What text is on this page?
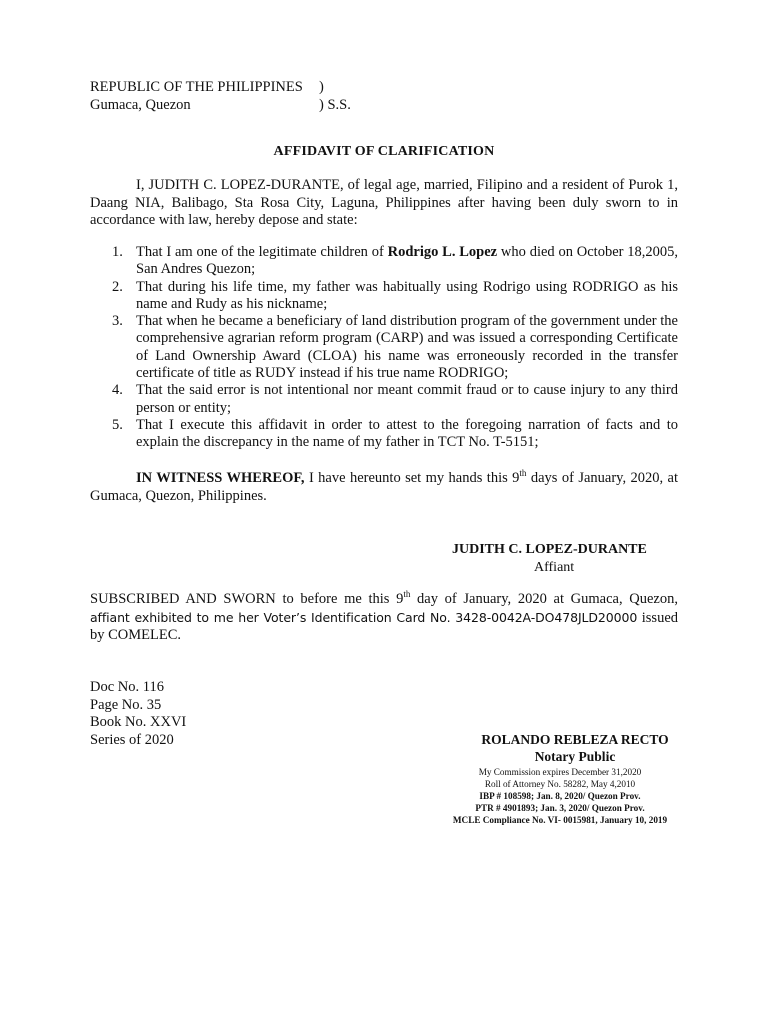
REPUBLIC OF THE PHILIPPINES )
Gumaca, Quezon	) S.S.
AFFIDAVIT OF CLARIFICATION
I, JUDITH C. LOPEZ-DURANTE, of legal age, married, Filipino and a resident of Purok 1, Daang NIA, Balibago, Sta Rosa City, Laguna, Philippines after having been duly sworn to in accordance with law, hereby depose and state:
1. That I am one of the legitimate children of Rodrigo L. Lopez who died on October 18,2005, San Andres Quezon;
2. That during his life time, my father was habitually using Rodrigo using RODRIGO as his name and Rudy as his nickname;
3. That when he became a beneficiary of land distribution program of the government under the comprehensive agrarian reform program (CARP) and was issued a corresponding Certificate of Land Ownership Award (CLOA) his name was erroneously recorded in the transfer certificate of title as RUDY instead if his true name RODRIGO;
4. That the said error is not intentional nor meant commit fraud or to cause injury to any third person or entity;
5. That I execute this affidavit in order to attest to the foregoing narration of facts and to explain the discrepancy in the name of my father in TCT No. T-5151;
IN WITNESS WHEREOF, I have hereunto set my hands this 9th days of January, 2020, at Gumaca, Quezon, Philippines.
JUDITH C. LOPEZ-DURANTE
Affiant
SUBSCRIBED AND SWORN to before me this 9th day of January, 2020 at Gumaca, Quezon, affiant exhibited to me her Voter’s Identification Card No. 3428-0042A-DO478JLD20000 issued by COMELEC.
Doc No. 116
Page No. 35
Book No. XXVI
Series of 2020	ROLANDO REBLEZA RECTO
Notary Public
My Commission expires December 31,2020
Roll of Attorney No. 58282, May 4,2010
IBP # 108598; Jan. 8, 2020/ Quezon Prov.
PTR # 4901893; Jan. 3, 2020/ Quezon Prov.
MCLE Compliance No. VI- 0015981, January 10, 2019
